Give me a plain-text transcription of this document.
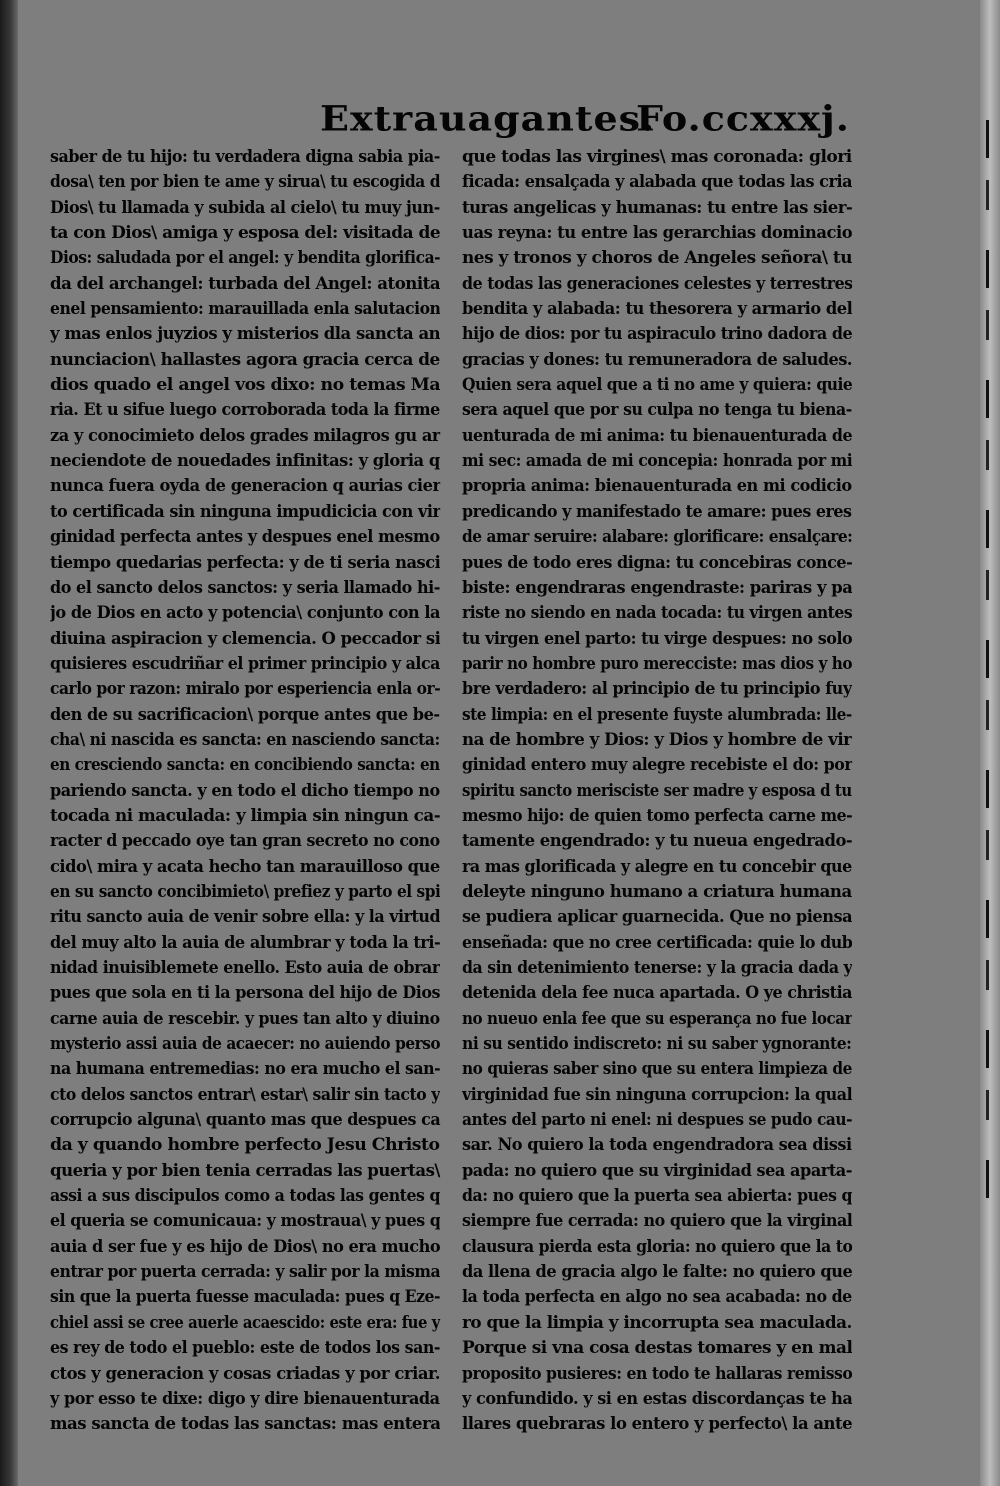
Extrauagantes.
Fo.ccxxxj.
saber de tu hijo: tu verdadera digna sabia pia-
dosa\ ten por bien te ame y sirua\ tu escogida d
Dios\ tu llamada y subida al cielo\ tu muy jun-
ta con Dios\ amiga y esposa del: visitada de
Dios: saludada por el angel: y bendita glorifica-
da del archangel: turbada del Angel: atonita
enel pensamiento: marauillada enla salutacion
y mas enlos juyzios y misterios dla sancta an
nunciacion\ hallastes agora gracia cerca de
dios quado el angel vos dixo: no temas Ma
ria. Et u sifue luego corroborada toda la firme
za y conocimieto delos grades milagros gu ar
neciendote de nouedades infinitas: y gloria q
nunca fuera oyda de generacion q aurias cier
to certificada sin ninguna impudicicia con vir
ginidad perfecta antes y despues enel mesmo
tiempo quedarias perfecta: y de ti seria nasci
do el sancto delos sanctos: y seria llamado hi-
jo de Dios en acto y potencia\ conjunto con la
diuina aspiracion y clemencia. O peccador si
quisieres escudriñar el primer principio y alca
carlo por razon: miralo por esperiencia enla or-
den de su sacrificacion\ porque antes que be-
cha\ ni nascida es sancta: en nasciendo sancta:
en cresciendo sancta: en concibiendo sancta: en
pariendo sancta. y en todo el dicho tiempo no
tocada ni maculada: y limpia sin ningun ca-
racter d peccado oye tan gran secreto no cono
cido\ mira y acata hecho tan marauilloso que
en su sancto concibimieto\ prefiez y parto el spi
ritu sancto auia de venir sobre ella: y la virtud
del muy alto la auia de alumbrar y toda la tri-
nidad inuisiblemete enello. Esto auia de obrar
pues que sola en ti la persona del hijo de Dios
carne auia de rescebir. y pues tan alto y diuino
mysterio assi auia de acaecer: no auiendo perso
na humana entremedias: no era mucho el san-
cto delos sanctos entrar\ estar\ salir sin tacto y
corrupcio alguna\ quanto mas que despues ca
da y quando hombre perfecto Jesu Christo
queria y por bien tenia cerradas las puertas\
assi a sus discipulos como a todas las gentes q
el queria se comunicaua: y mostraua\ y pues q
auia d ser fue y es hijo de Dios\ no era mucho
entrar por puerta cerrada: y salir por la misma
sin que la puerta fuesse maculada: pues q Eze-
chiel assi se cree auerle acaescido: este era: fue y
es rey de todo el pueblo: este de todos los san-
ctos y generacion y cosas criadas y por criar.
y por esso te dixe: digo y dire bienauenturada
mas sancta de todas las sanctas: mas entera
que todas las virgines\ mas coronada: glori
ficada: ensalçada y alabada que todas las cria
turas angelicas y humanas: tu entre las sier-
uas reyna: tu entre las gerarchias dominacio
nes y tronos y choros de Angeles señora\ tu
de todas las generaciones celestes y terrestres
bendita y alabada: tu thesorera y armario del
hijo de dios: por tu aspiraculo trino dadora de
gracias y dones: tu remuneradora de saludes.
Quien sera aquel que a ti no ame y quiera: quie
sera aquel que por su culpa no tenga tu biena-
uenturada de mi anima: tu bienauenturada de
mi sec: amada de mi concepia: honrada por mi
propria anima: bienauenturada en mi codicio
predicando y manifestado te amare: pues eres
de amar seruire: alabare: glorificare: ensalçare:
pues de todo eres digna: tu concebiras conce-
biste: engendraras engendraste: pariras y pa
riste no siendo en nada tocada: tu virgen antes
tu virgen enel parto: tu virge despues: no solo
parir no hombre puro merecciste: mas dios y ho
bre verdadero: al principio de tu principio fuy
ste limpia: en el presente fuyste alumbrada: lle-
na de hombre y Dios: y Dios y hombre de vir
ginidad entero muy alegre recebiste el do: por
spiritu sancto merisciste ser madre y esposa d tu
mesmo hijo: de quien tomo perfecta carne me-
tamente engendrado: y tu nueua engedrado-
ra mas glorificada y alegre en tu concebir que
deleyte ninguno humano a criatura humana
se pudiera aplicar guarnecida. Que no piensa
enseñada: que no cree certificada: quie lo dub
da sin detenimiento tenerse: y la gracia dada y
detenida dela fee nuca apartada. O ye christia
no nueuo enla fee que su esperança no fue locar
ni su sentido indiscreto: ni su saber ygnorante:
no quieras saber sino que su entera limpieza de
virginidad fue sin ninguna corrupcion: la qual
antes del parto ni enel: ni despues se pudo cau-
sar. No quiero la toda engendradora sea dissi
pada: no quiero que su virginidad sea aparta-
da: no quiero que la puerta sea abierta: pues q
siempre fue cerrada: no quiero que la virginal
clausura pierda esta gloria: no quiero que la to
da llena de gracia algo le falte: no quiero que
la toda perfecta en algo no sea acabada: no de
ro que la limpia y incorrupta sea maculada.
Porque si vna cosa destas tomares y en mal
proposito pusieres: en todo te hallaras remisso
y confundido. y si en estas discordanças te ha
llares quebraras lo entero y perfecto\ la ante
